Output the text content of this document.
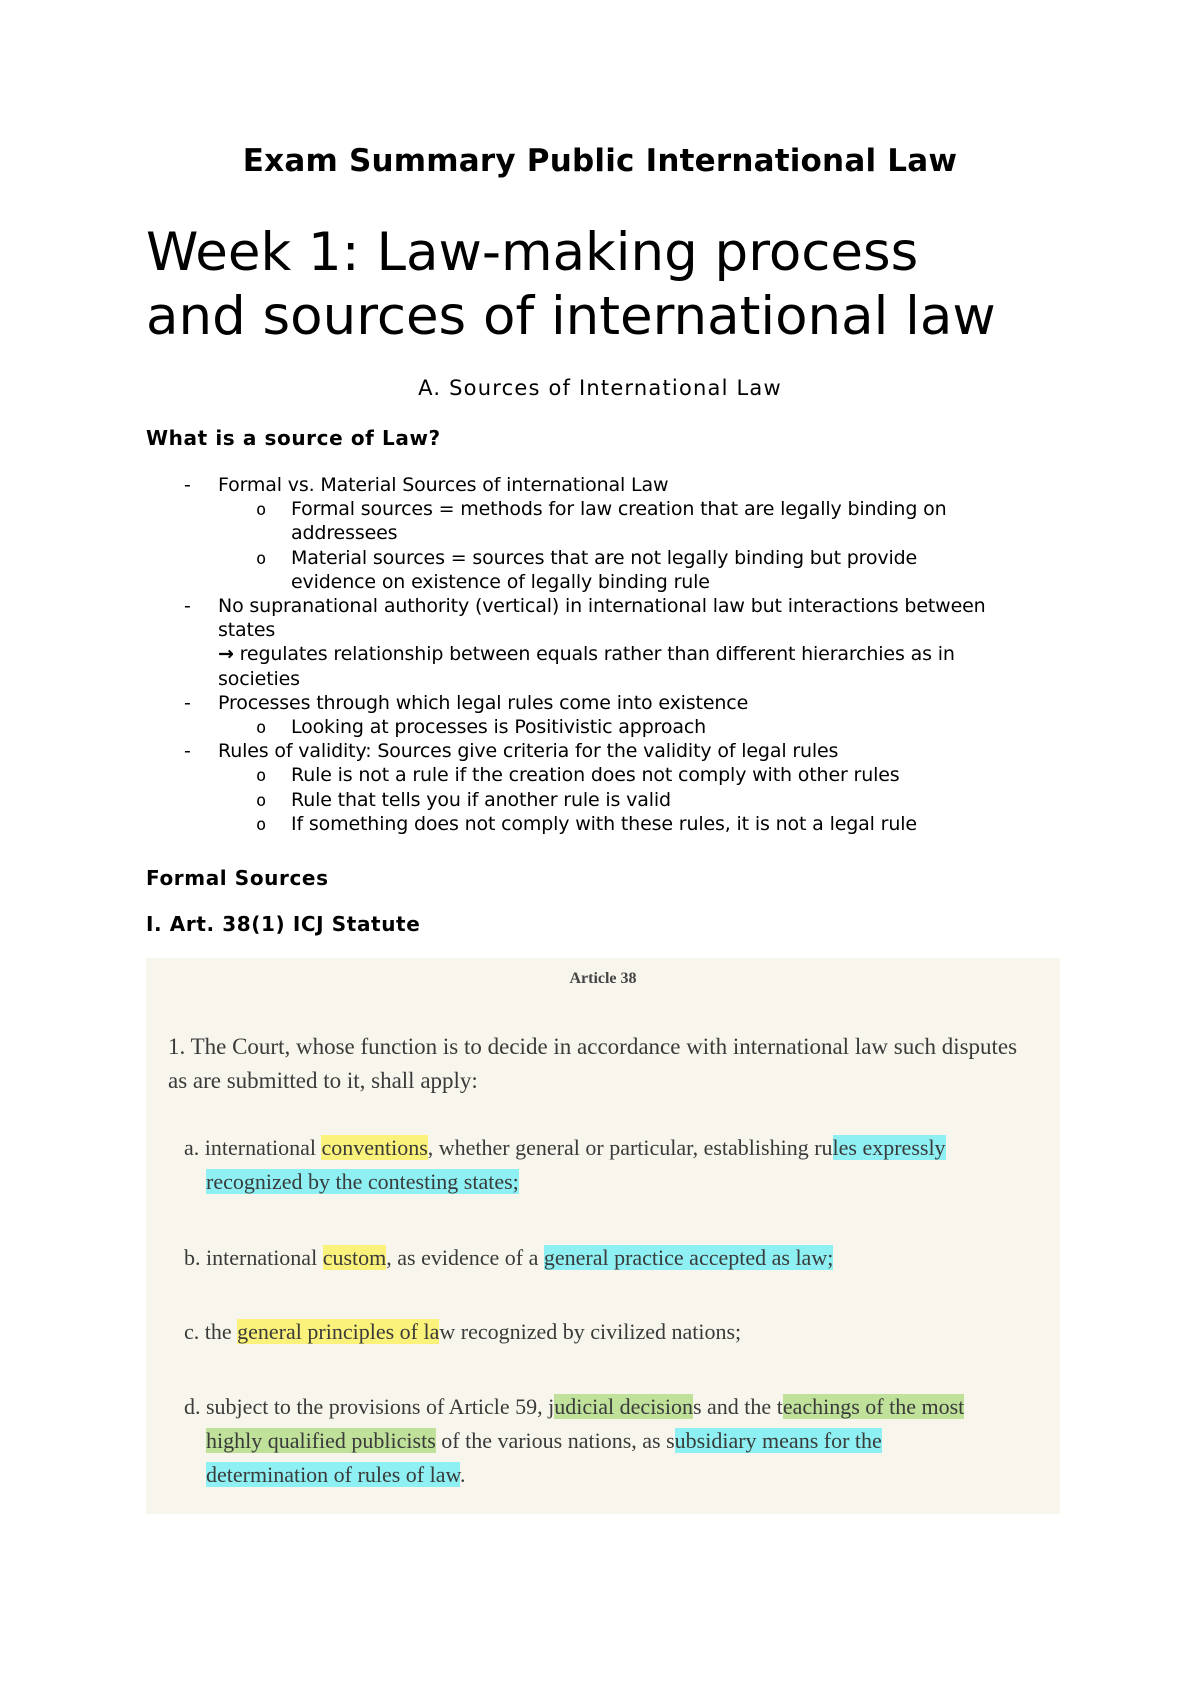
Exam Summary Public International Law
Week 1: Law-making process
and sources of international law
A. Sources of International Law
What is a source of Law?
- Formal vs. Material Sources of international Law
o Formal sources = methods for law creation that are legally binding on
addressees
o Material sources = sources that are not legally binding but provide
evidence on existence of legally binding rule
- No supranational authority (vertical) in international law but interactions between
states
→ regulates relationship between equals rather than different hierarchies as in
societies
- Processes through which legal rules come into existence
o Looking at processes is Positivistic approach
- Rules of validity: Sources give criteria for the validity of legal rules
o Rule is not a rule if the creation does not comply with other rules
o Rule that tells you if another rule is valid
o If something does not comply with these rules, it is not a legal rule
Formal Sources
I. Art. 38(1) ICJ Statute
Article 38
1. The Court, whose function is to decide in accordance with international law such disputes
as are submitted to it, shall apply:
a. international conventions, whether general or particular, establishing rules expressly
recognized by the contesting states;
b. international custom, as evidence of a general practice accepted as law;
c. the general principles of law recognized by civilized nations;
d. subject to the provisions of Article 59, judicial decisions and the teachings of the most
highly qualified publicists of the various nations, as subsidiary means for the
determination of rules of law.
